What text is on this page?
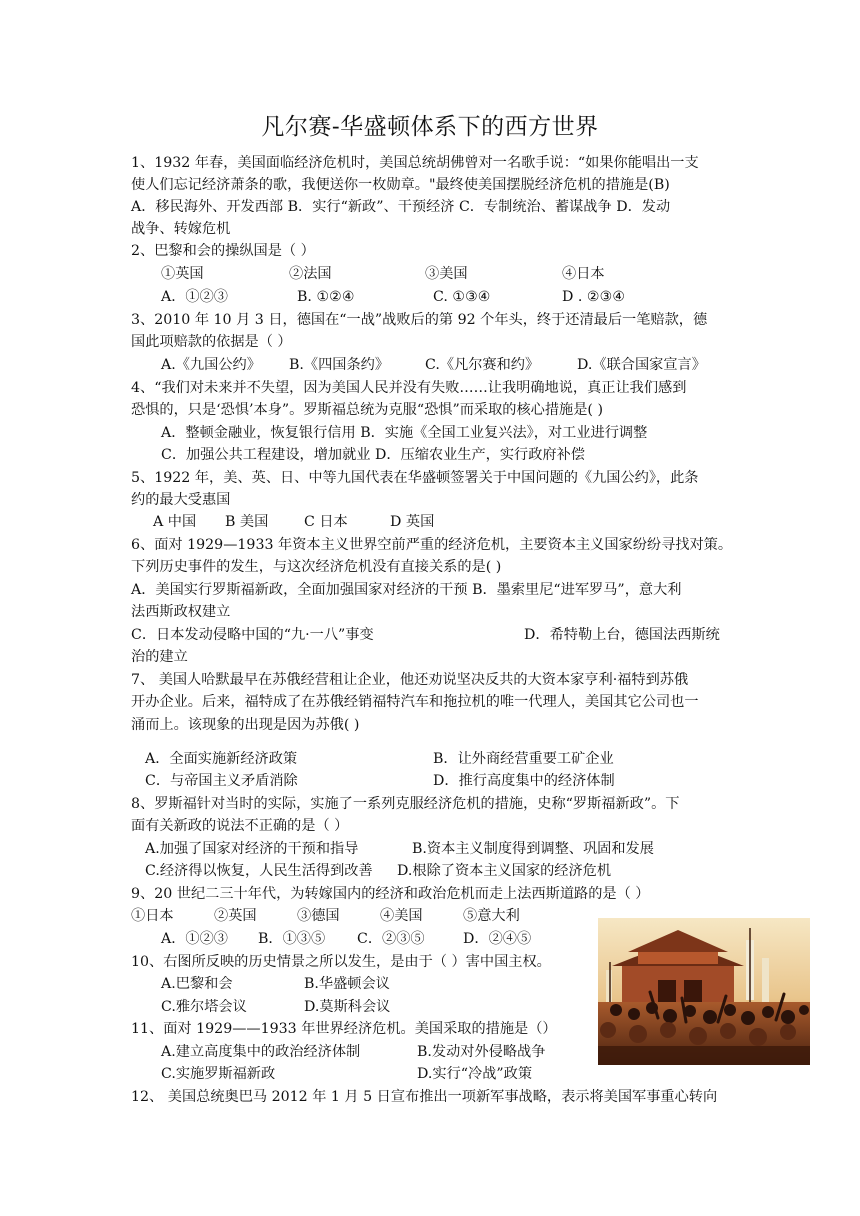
凡尔赛-华盛顿体系下的西方世界
1、1932 年春，美国面临经济危机时，美国总统胡佛曾对一名歌手说：“如果你能唱出一支
使人们忘记经济萧条的歌，我便送你一枚勋章。"最终使美国摆脱经济危机的措施是(B)
A．移民海外、开发西部 B．实行“新政”、干预经济 C．专制统治、蓄谋战争 D．发动
战争、转嫁危机
2、巴黎和会的操纵国是（ ）
①英国	②法国	③美国	④日本
A．①②③	B. ①②④	C. ①③④	D . ②③④
3、2010 年 10 月 3 日，德国在“一战”战败后的第 92 个年头，终于还清最后一笔赔款，德
国此项赔款的依据是（ ）
A.《九国公约》 B.《四国条约》	C.《凡尔赛和约》	D.《联合国家宣言》
4、“我们对未来并不失望，因为美国人民并没有失败……让我明确地说，真正让我们感到
恐惧的，只是‘恐惧’本身”。罗斯福总统为克服“恐惧”而采取的核心措施是( )
A．整顿金融业，恢复银行信用 B．实施《全国工业复兴法》，对工业进行调整
C．加强公共工程建设，增加就业 D．压缩农业生产，实行政府补偿
5、1922 年，美、英、日、中等九国代表在华盛顿签署关于中国问题的《九国公约》，此条
约的最大受惠国
A 中国 B 美国	C 日本	D 英国
6、面对 1929—1933 年资本主义世界空前严重的经济危机，主要资本主义国家纷纷寻找对策。
下列历史事件的发生，与这次经济危机没有直接关系的是( )
A．美国实行罗斯福新政，全面加强国家对经济的干预 B．墨索里尼“进军罗马”，意大利
法西斯政权建立
C．日本发动侵略中国的“九·一八”事变	D．希特勒上台，德国法西斯统
治的建立
7、 美国人哈默最早在苏俄经营租让企业，他还劝说坚决反共的大资本家亨利·福特到苏俄
开办企业。后来，福特成了在苏俄经销福特汽车和拖拉机的唯一代理人，美国其它公司也一
涌而上。该现象的出现是因为苏俄( )
A．全面实施新经济政策	B．让外商经营重要工矿企业
C．与帝国主义矛盾消除	D．推行高度集中的经济体制
8、罗斯福针对当时的实际，实施了一系列克服经济危机的措施，史称“罗斯福新政”。下
面有关新政的说法不正确的是（ ）
A.加强了国家对经济的干预和指导	B.资本主义制度得到调整、巩固和发展
C.经济得以恢复，人民生活得到改善 D.根除了资本主义国家的经济危机
9、20 世纪二三十年代，为转嫁国内的经济和政治危机而走上法西斯道路的是（ ）
①日本	②英国	③德国	④美国	⑤意大利
A．①②③ B．①③⑤ C．②③⑤	D．②④⑤
10、右图所反映的历史情景之所以发生，是由于（ ）害中国主权。
A.巴黎和会	B.华盛顿会议
C.雅尔塔会议	D.莫斯科会议
11、面对 1929——1933 年世界经济危机。美国采取的措施是（）
A.建立高度集中的政治经济体制	B.发动对外侵略战争
C.实施罗斯福新政	D.实行“冷战”政策
12、 美国总统奥巴马 2012 年 1 月 5 日宣布推出一项新军事战略，表示将美国军事重心转向
